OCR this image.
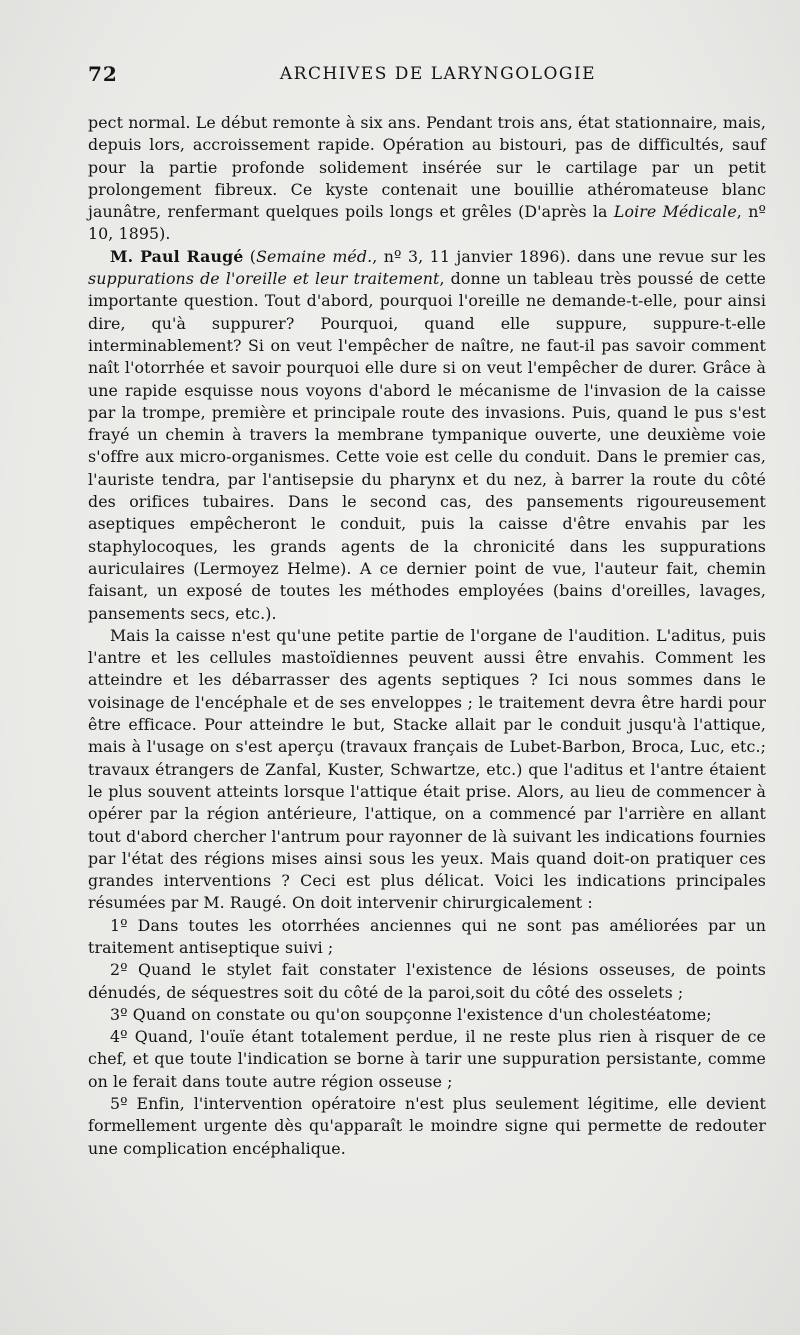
72	ARCHIVES DE LARYNGOLOGIE

pect normal. Le début remonte à six ans. Pendant trois ans, état stationnaire, mais, depuis lors, accroissement rapide. Opération au bistouri, pas de difficultés, sauf pour la partie profonde solidement insérée sur le cartilage par un petit prolongement fibreux. Ce kyste contenait une bouillie athéromateuse blanc jaunâtre, renfermant quelques poils longs et grêles (D'après la Loire Médicale, nº 10, 1895).

M. Paul Raugé (Semaine méd., nº 3, 11 janvier 1896). dans une revue sur les suppurations de l'oreille et leur traitement, donne un tableau très poussé de cette importante question. Tout d'abord, pourquoi l'oreille ne demande-t-elle, pour ainsi dire, qu'à suppurer? Pourquoi, quand elle suppure, suppure-t-elle interminablement? Si on veut l'empêcher de naître, ne faut-il pas savoir comment naît l'otorrhée et savoir pourquoi elle dure si on veut l'empêcher de durer. Grâce à une rapide esquisse nous voyons d'abord le mécanisme de l'invasion de la caisse par la trompe, première et principale route des invasions. Puis, quand le pus s'est frayé un chemin à travers la membrane tympanique ouverte, une deuxième voie s'offre aux micro-organismes. Cette voie est celle du conduit. Dans le premier cas, l'auriste tendra, par l'antisepsie du pharynx et du nez, à barrer la route du côté des orifices tubaires. Dans le second cas, des pansements rigoureusement aseptiques empêcheront le conduit, puis la caisse d'être envahis par les staphylocoques, les grands agents de la chronicité dans les suppurations auriculaires (Lermoyez Helme). A ce dernier point de vue, l'auteur fait, chemin faisant, un exposé de toutes les méthodes employées (bains d'oreilles, lavages, pansements secs, etc.).

Mais la caisse n'est qu'une petite partie de l'organe de l'audition. L'aditus, puis l'antre et les cellules mastoïdiennes peuvent aussi être envahis. Comment les atteindre et les débarrasser des agents septiques ? Ici nous sommes dans le voisinage de l'encéphale et de ses enveloppes ; le traitement devra être hardi pour être efficace. Pour atteindre le but, Stacke allait par le conduit jusqu'à l'attique, mais à l'usage on s'est aperçu (travaux français de Lubet-Barbon, Broca, Luc, etc.; travaux étrangers de Zanfal, Kuster, Schwartze, etc.) que l'aditus et l'antre étaient le plus souvent atteints lorsque l'attique était prise. Alors, au lieu de commencer à opérer par la région antérieure, l'attique, on a commencé par l'arrière en allant tout d'abord chercher l'antrum pour rayonner de là suivant les indications fournies par l'état des régions mises ainsi sous les yeux. Mais quand doit-on pratiquer ces grandes interventions ? Ceci est plus délicat. Voici les indications principales résumées par M. Raugé. On doit intervenir chirurgicalement :

1º Dans toutes les otorrhées anciennes qui ne sont pas améliorées par un traitement antiseptique suivi ;

2º Quand le stylet fait constater l'existence de lésions osseuses, de points dénudés, de séquestres soit du côté de la paroi,soit du côté des osselets ;

3º Quand on constate ou qu'on soupçonne l'existence d'un cholestéatome;

4º Quand, l'ouïe étant totalement perdue, il ne reste plus rien à risquer de ce chef, et que toute l'indication se borne à tarir une suppuration persistante, comme on le ferait dans toute autre région osseuse ;

5º Enfin, l'intervention opératoire n'est plus seulement légitime, elle devient formellement urgente dès qu'apparaît le moindre signe qui permette de redouter une complication encéphalique.
